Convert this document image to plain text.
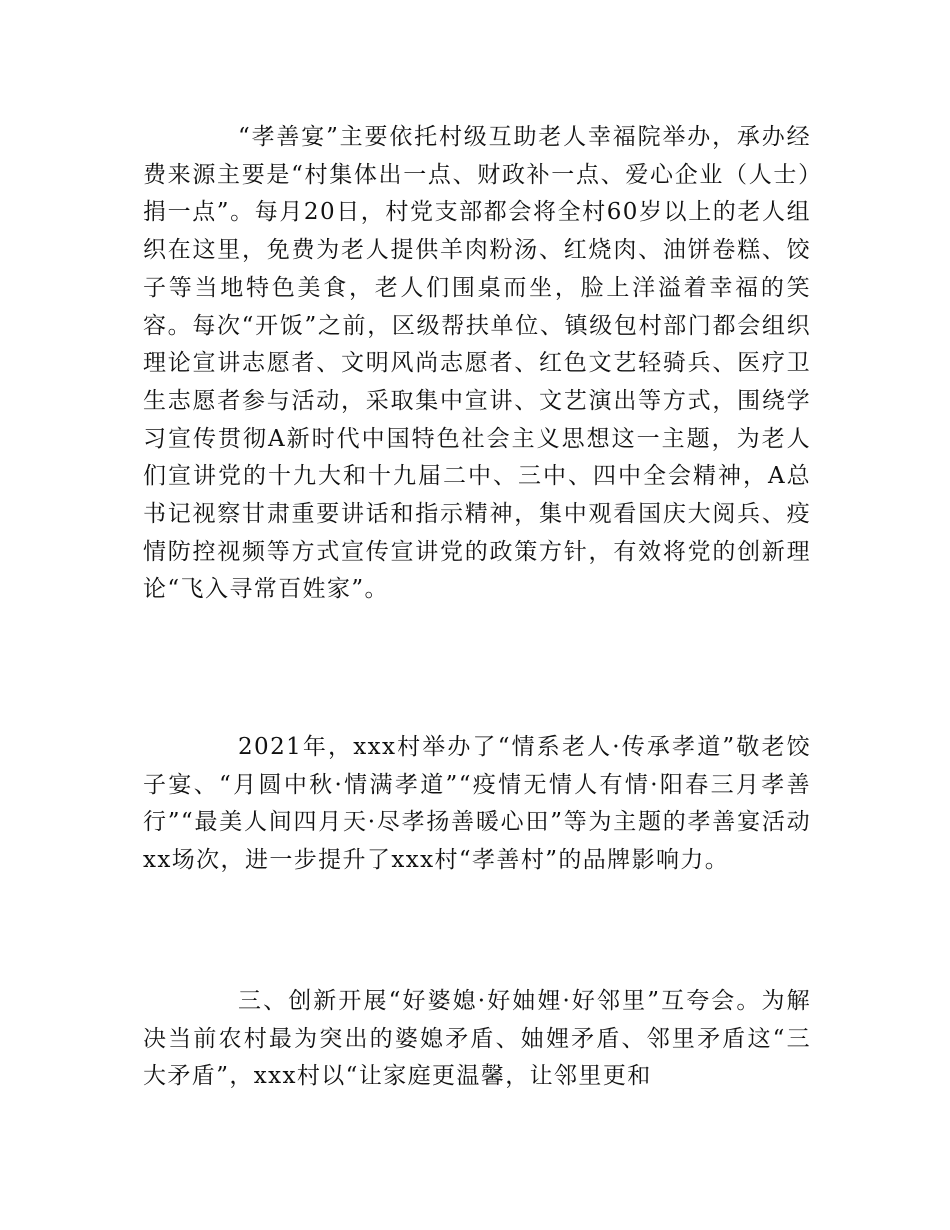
“孝善宴”主要依托村级互助老人幸福院举办，承办经费来源主要是“村集体出一点、财政补一点、爱心企业（人士）捐一点”。每月20日，村党支部都会将全村60岁以上的老人组织在这里，免费为老人提供羊肉粉汤、红烧肉、油饼卷糕、饺子等当地特色美食，老人们围桌而坐，脸上洋溢着幸福的笑容。每次“开饭”之前，区级帮扶单位、镇级包村部门都会组织理论宣讲志愿者、文明风尚志愿者、红色文艺轻骑兵、医疗卫生志愿者参与活动，采取集中宣讲、文艺演出等方式，围绕学习宣传贯彻A新时代中国特色社会主义思想这一主题，为老人们宣讲党的十九大和十九届二中、三中、四中全会精神，A总书记视察甘肃重要讲话和指示精神，集中观看国庆大阅兵、疫情防控视频等方式宣传宣讲党的政策方针，有效将党的创新理论“飞入寻常百姓家”。

2021年，xxx村举办了“情系老人·传承孝道”敬老饺子宴、“月圆中秋·情满孝道”“疫情无情人有情·阳春三月孝善行”“最美人间四月天·尽孝扬善暖心田”等为主题的孝善宴活动xx场次，进一步提升了xxx村“孝善村”的品牌影响力。

三、创新开展“好婆媳·好妯娌·好邻里”互夸会。为解决当前农村最为突出的婆媳矛盾、妯娌矛盾、邻里矛盾这“三大矛盾”，xxx村以“让家庭更温馨，让邻里更和
